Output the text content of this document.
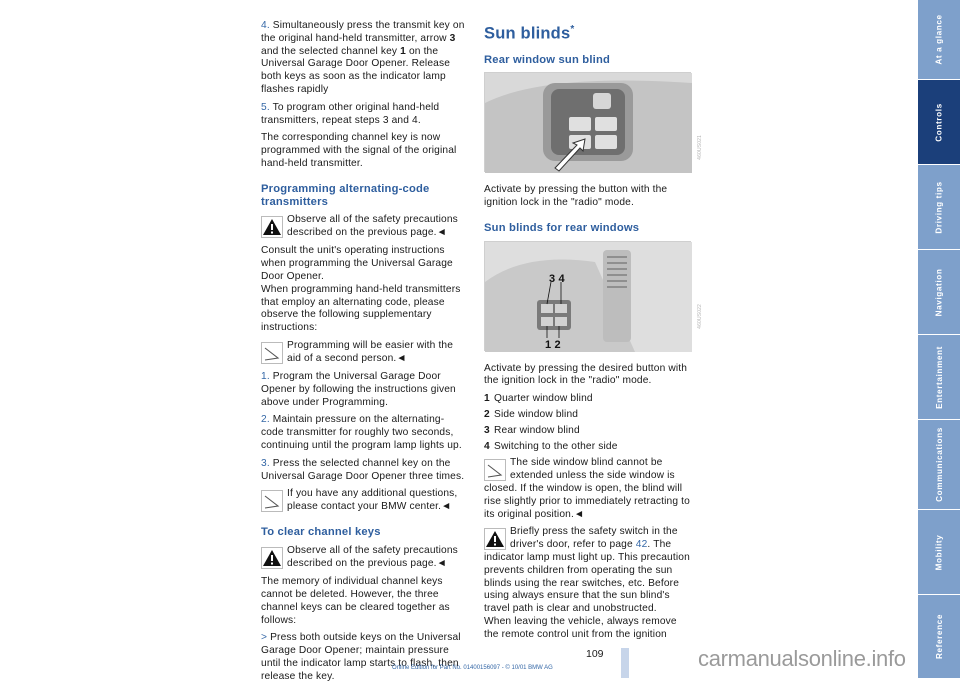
4. Simultaneously press the transmit key on the original hand-held transmitter, arrow 3 and the selected channel key 1 on the Universal Garage Door Opener. Release both keys as soon as the indicator lamp flashes rapidly

5. To program other original hand-held transmitters, repeat steps 3 and 4.

The corresponding channel key is now programmed with the signal of the original hand-held transmitter.

Programming alternating-code transmitters
Observe all of the safety precautions described on the previous page.◄

Consult the unit's operating instructions when programming the Universal Garage Door Opener.

When programming hand-held transmitters that employ an alternating code, please observe the following supplementary instructions:

Programming will be easier with the aid of a second person.◄

1. Program the Universal Garage Door Opener by following the instructions given above under Programming.

2. Maintain pressure on the alternating-code transmitter for roughly two seconds, continuing until the program lamp lights up.

3. Press the selected channel key on the Universal Garage Door Opener three times.

If you have any additional questions, please contact your BMW center.◄
To clear channel keys
Observe all of the safety precautions described on the previous page.◄

The memory of individual channel keys cannot be deleted. However, the three channel keys can be cleared together as follows:

> Press both outside keys on the Universal Garage Door Opener; maintain pressure until the indicator lamp starts to flash, then release the key.

Sun blinds*
Rear window sun blind
460US021

Activate by pressing the button with the ignition lock in the "radio" mode.

Sun blinds for rear windows
3 4
1 2
460US022

Activate by pressing the desired button with the ignition lock in the "radio" mode.

1 Quarter window blind
2 Side window blind
3 Rear window blind
4 Switching to the other side
The side window blind cannot be extended unless the side window is
closed. If the window is open, the blind will rise slightly prior to immediately retracting to its original position.◄
Briefly press the safety switch in the driver's door, refer to page 42. The
indicator lamp must light up. This precaution prevents children from operating the sun blinds using the rear switches, etc. Before using always ensure that the sun blind's travel path is clear and unobstructed.
When leaving the vehicle, always remove the remote control unit from the ignition
At a glance
Controls
Driving tips
Navigation
Entertainment
Communications
Mobility
Reference
109
Online Edition for Part No. 01400156097 - © 10/01 BMW AG	carmanualsonline.info
